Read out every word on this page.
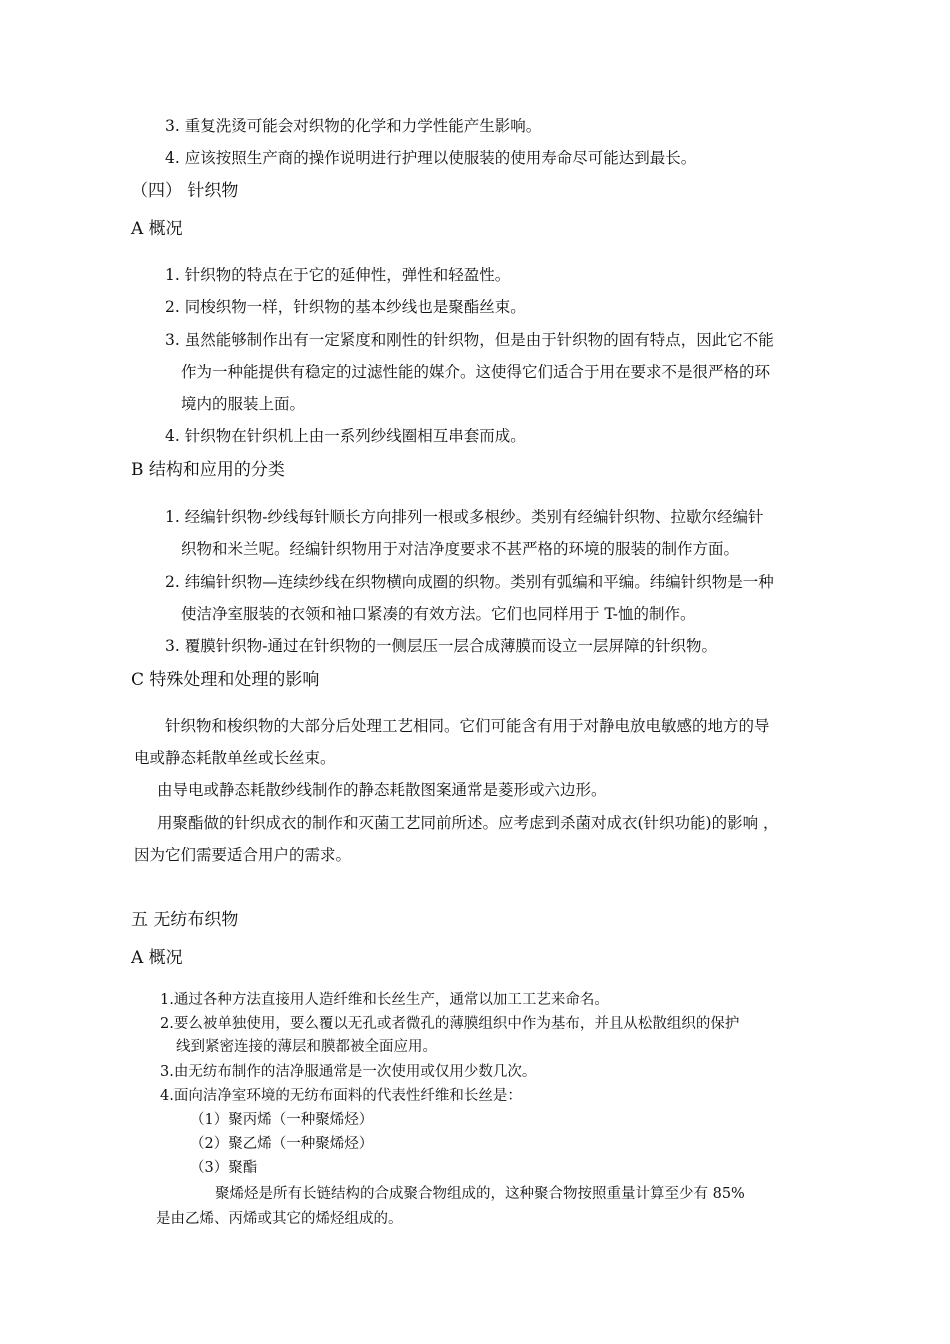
3. 重复洗烫可能会对织物的化学和力学性能产生影响。
4. 应该按照生产商的操作说明进行护理以使服装的使用寿命尽可能达到最长。
（四） 针织物
A 概况
1. 针织物的特点在于它的延伸性，弹性和轻盈性。
2. 同梭织物一样，针织物的基本纱线也是聚酯丝束。
3. 虽然能够制作出有一定紧度和刚性的针织物，但是由于针织物的固有特点，因此它不能
作为一种能提供有稳定的过滤性能的媒介。这使得它们适合于用在要求不是很严格的环
境内的服装上面。
4. 针织物在针织机上由一系列纱线圈相互串套而成。
B 结构和应用的分类
1. 经编针织物-纱线每针顺长方向排列一根或多根纱。类别有经编针织物、拉歇尔经编针
织物和米兰呢。经编针织物用于对洁净度要求不甚严格的环境的服装的制作方面。
2. 纬编针织物—连续纱线在织物横向成圈的织物。类别有弧编和平编。纬编针织物是一种
使洁净室服装的衣领和袖口紧凑的有效方法。它们也同样用于 T-恤的制作。
3. 覆膜针织物-通过在针织物的一侧层压一层合成薄膜而设立一层屏障的针织物。
C 特殊处理和处理的影响
针织物和梭织物的大部分后处理工艺相同。它们可能含有用于对静电放电敏感的地方的导
电或静态耗散单丝或长丝束。
由导电或静态耗散纱线制作的静态耗散图案通常是菱形或六边形。
用聚酯做的针织成衣的制作和灭菌工艺同前所述。应考虑到杀菌对成衣(针织功能)的影响 ，
因为它们需要适合用户的需求。
五 无纺布织物
A 概况
1.通过各种方法直接用人造纤维和长丝生产，通常以加工工艺来命名。
2.要么被单独使用，要么覆以无孔或者微孔的薄膜组织中作为基布，并且从松散组织的保护
线到紧密连接的薄层和膜都被全面应用。
3.由无纺布制作的洁净服通常是一次使用或仅用少数几次。
4.面向洁净室环境的无纺布面料的代表性纤维和长丝是：
（1）聚丙烯（一种聚烯烃）
（2）聚乙烯（一种聚烯烃）
（3）聚酯
聚烯烃是所有长链结构的合成聚合物组成的，这种聚合物按照重量计算至少有 85%
是由乙烯、丙烯或其它的烯烃组成的。
